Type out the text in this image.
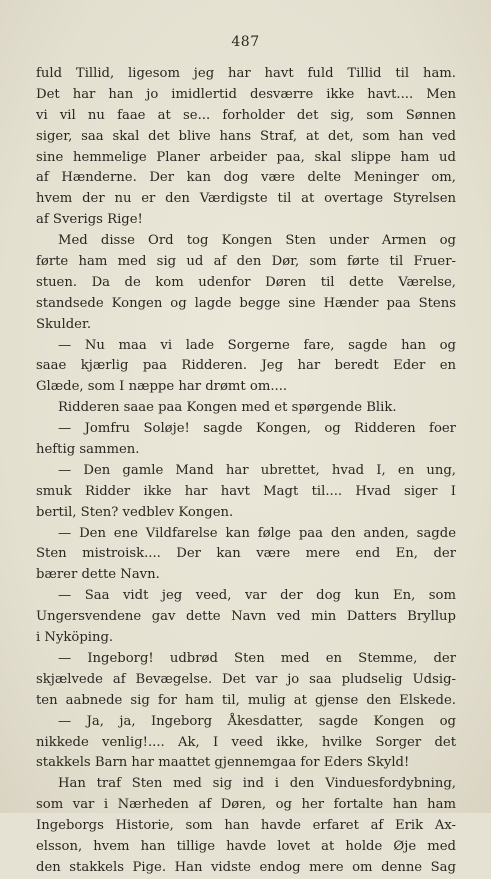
487
fuld Tillid, ligesom jeg har havt fuld Tillid til ham.
Det har han jo imidlertid desværre ikke havt.... Men
vi vil nu faae at se... forholder det sig, som Sønnen
siger, saa skal det blive hans Straf, at det, som han ved
sine hemmelige Planer arbeider paa, skal slippe ham ud
af Hænderne. Der kan dog være delte Meninger om,
hvem der nu er den Værdigste til at overtage Styrelsen
af Sverigs Rige!
Med disse Ord tog Kongen Sten under Armen og
førte ham med sig ud af den Dør, som førte til Fruer-
stuen. Da de kom udenfor Døren til dette Værelse,
standsede Kongen og lagde begge sine Hænder paa Stens
Skulder.
— Nu maa vi lade Sorgerne fare, sagde han og
saae kjærlig paa Ridderen. Jeg har beredt Eder en
Glæde, som I næppe har drømt om....
Ridderen saae paa Kongen med et spørgende Blik.
— Jomfru Soløje! sagde Kongen, og Ridderen foer
heftig sammen.
— Den gamle Mand har ubrettet, hvad I, en ung,
smuk Ridder ikke har havt Magt til.... Hvad siger I
bertil, Sten? vedblev Kongen.
— Den ene Vildfarelse kan følge paa den anden, sagde
Sten mistroisk.... Der kan være mere end En, der
bærer dette Navn.
— Saa vidt jeg veed, var der dog kun En, som
Ungersvendene gav dette Navn ved min Datters Bryllup
i Nyköping.
— Ingeborg! udbrød Sten med en Stemme, der
skjælvede af Bevægelse. Det var jo saa pludselig Udsig-
ten aabnede sig for ham til, mulig at gjense den Elskede.
— Ja, ja, Ingeborg Åkesdatter, sagde Kongen og
nikkede venlig!.... Ak, I veed ikke, hvilke Sorger det
stakkels Barn har maattet gjennemgaa for Eders Skyld!
Han traf Sten med sig ind i den Vinduesfordybning,
som var i Nærheden af Døren, og her fortalte han ham
Ingeborgs Historie, som han havde erfaret af Erik Ax-
elsson, hvem han tillige havde lovet at holde Øje med
den stakkels Pige. Han vidste endog mere om denne Sag
